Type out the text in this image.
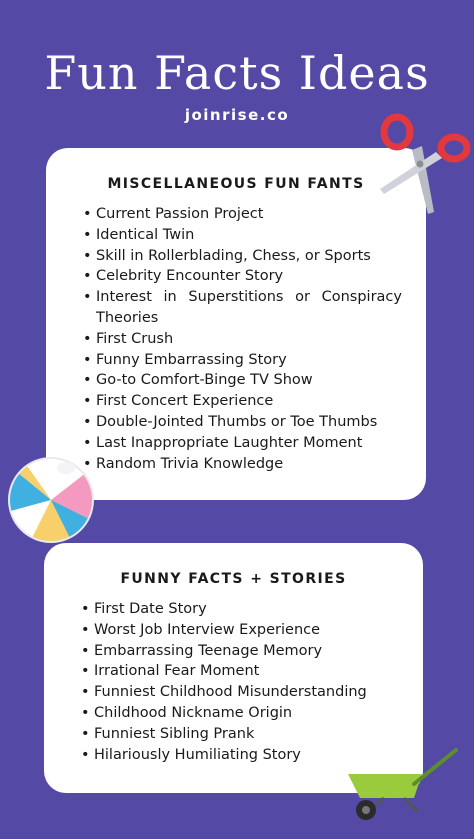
Fun Facts Ideas
joinrise.co
MISCELLANEOUS FUN FANTS
• Current Passion Project
• Identical Twin
• Skill in Rollerblading, Chess, or Sports
• Celebrity Encounter Story
• Interest in Superstitions or Conspiracy Theories
• First Crush
• Funny Embarrassing Story
• Go-to Comfort-Binge TV Show
• First Concert Experience
• Double-Jointed Thumbs or Toe Thumbs
• Last Inappropriate Laughter Moment
• Random Trivia Knowledge
FUNNY FACTS + STORIES
• First Date Story
• Worst Job Interview Experience
• Embarrassing Teenage Memory
• Irrational Fear Moment
• Funniest Childhood Misunderstanding
• Childhood Nickname Origin
• Funniest Sibling Prank
• Hilariously Humiliating Story
